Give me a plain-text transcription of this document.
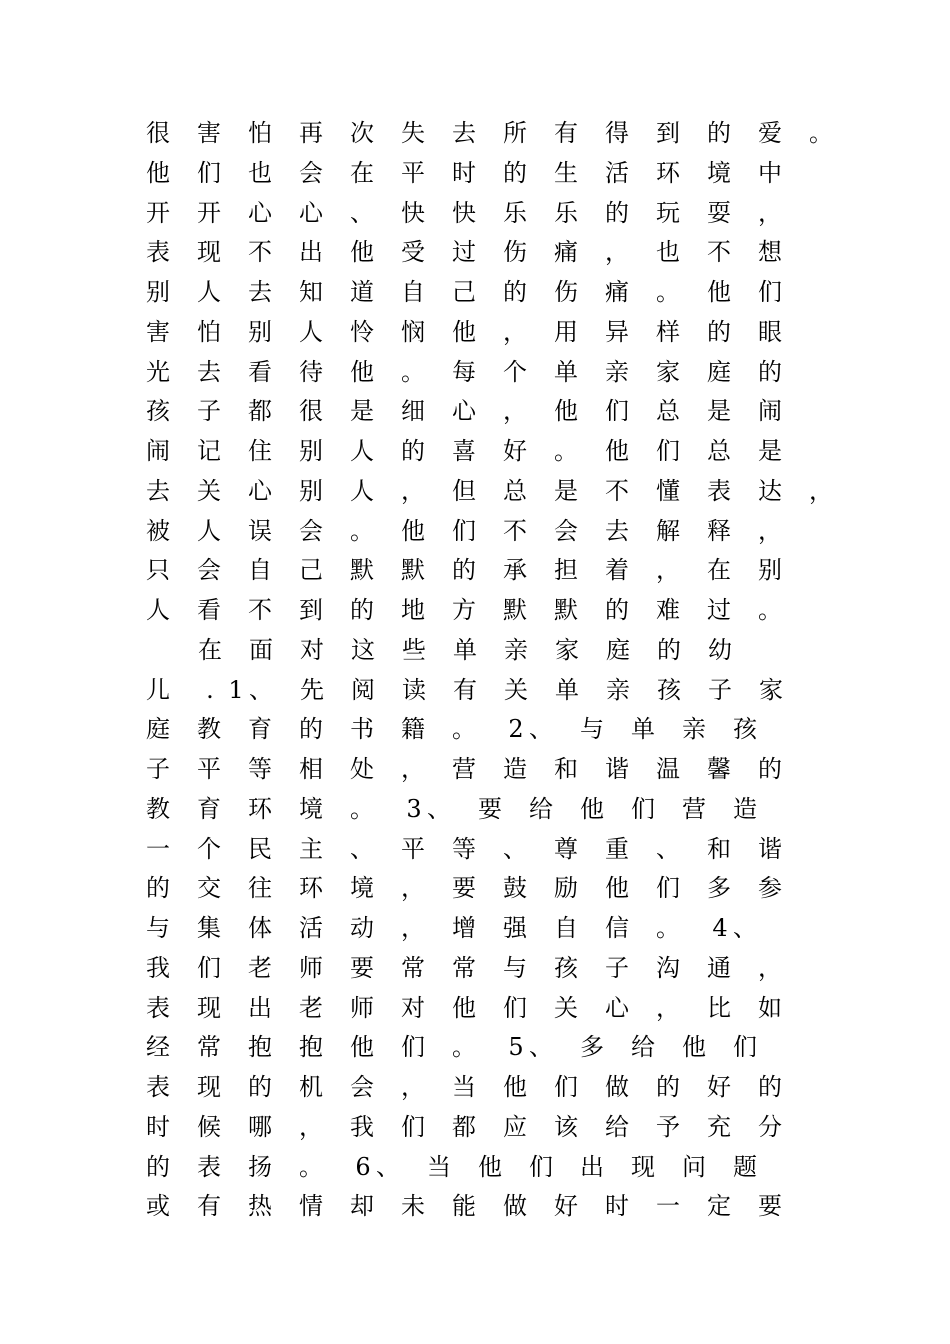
很	害	怕	再	次	失	去	所	有	得	到	的	爱	。
他	们	也	会	在	平	时	的	生	活	环	境	中
开	开	心	心	、	快	快	乐	乐	的	玩	耍	，
表	现	不	出	他	受	过	伤	痛	，	也	不	想
别	人	去	知	道	自	己	的	伤	痛	。	他	们
害	怕	别	人	怜	悯	他	，	用	异	样	的	眼
光	去	看	待	他	。	每	个	单	亲	家	庭	的
孩	子	都	很	是	细	心	，	他	们	总	是	闹
闹	记	住	别	人	的	喜	好	。	他	们	总	是
去	关	心	别	人	，	但	总	是	不	懂	表	达	，
被	人	误	会	。	他	们	不	会	去	解	释	，
只	会	自	己	默	默	的	承	担	着	，	在	别
人	看	不	到	的	地	方	默	默	的	难	过	。

在	面	对	这	些	单	亲	家	庭	的	幼
儿	. 1 、	先	阅	读	有	关	单	亲	孩	子	家
庭	教	育	的	书	籍	。	2 、	与	单	亲	孩
子	平	等	相	处	，	营	造	和	谐	温	馨	的
教	育	环	境	。	3 、	要	给	他	们	营	造
一	个	民	主	、	平	等	、	尊	重	、	和	谐
的	交	往	环	境	，	要	鼓	励	他	们	多	参
与	集	体	活	动	，	增	强	自	信	。	4 、
我	们	老	师	要	常	常	与	孩	子	沟	通	，
表	现	出	老	师	对	他	们	关	心	，	比	如
经	常	抱	抱	他	们	。	5 、	多	给	他	们
表	现	的	机	会	，	当	他	们	做	的	好	的
时	候	哪	，	我	们	都	应	该	给	予	充	分
的	表	扬	。	6 、	当	他	们	出	现	问	题
或	有	热	情	却	未	能	做	好	时	一	定	要
